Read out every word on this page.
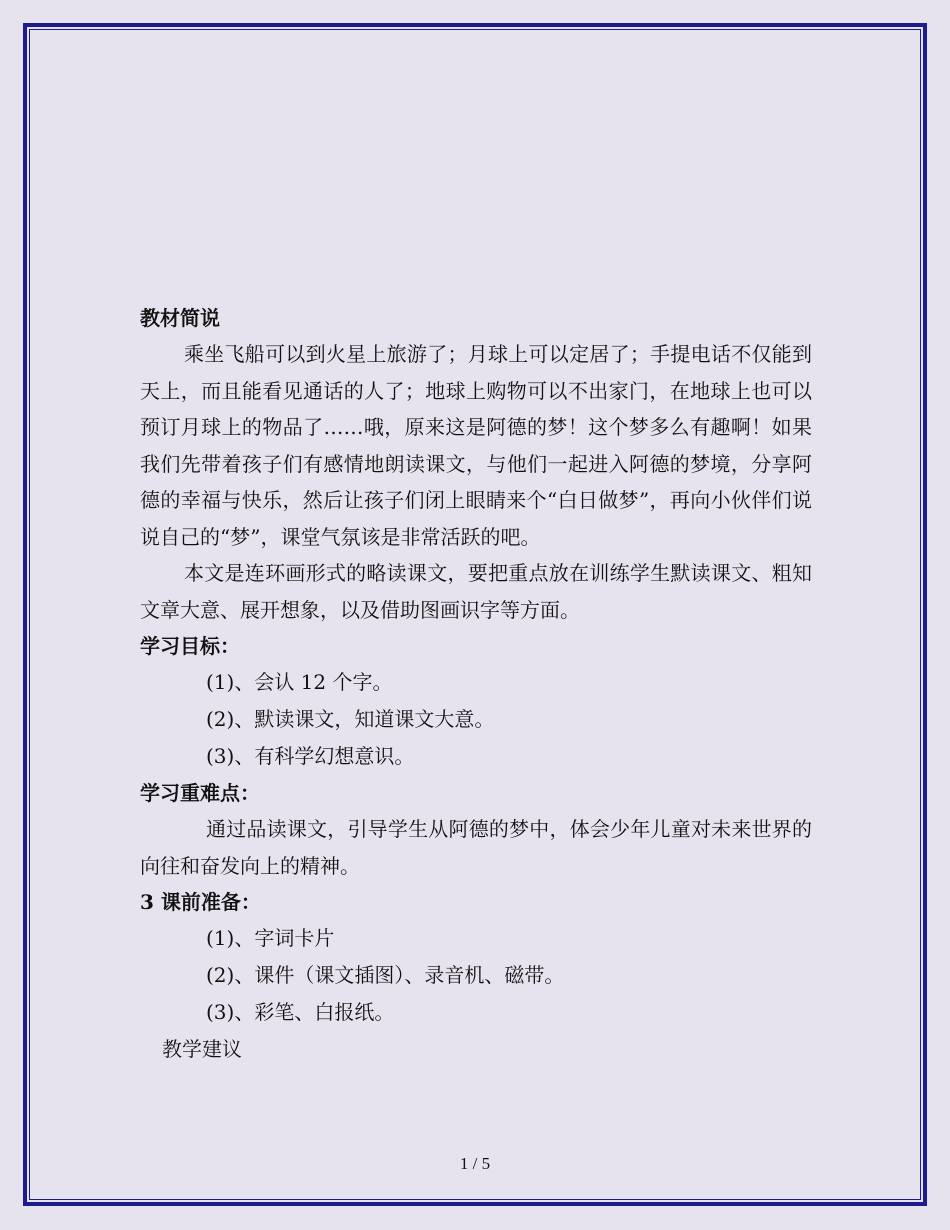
教材简说

乘坐飞船可以到火星上旅游了；月球上可以定居了；手提电话不仅能到天上，而且能看见通话的人了；地球上购物可以不出家门，在地球上也可以预订月球上的物品了……哦，原来这是阿德的梦！这个梦多么有趣啊！如果我们先带着孩子们有感情地朗读课文，与他们一起进入阿德的梦境，分享阿德的幸福与快乐，然后让孩子们闭上眼睛来个“白日做梦”，再向小伙伴们说说自己的“梦”，课堂气氛该是非常活跃的吧。

本文是连环画形式的略读课文，要把重点放在训练学生默读课文、粗知文章大意、展开想象，以及借助图画识字等方面。

学习目标：
(1)、会认 12 个字。
(2)、默读课文，知道课文大意。
(3)、有科学幻想意识。
学习重难点：

通过品读课文，引导学生从阿德的梦中，体会少年儿童对未来世界的向往和奋发向上的精神。

3 课前准备：
(1)、字词卡片
(2)、课件（课文插图）、录音机、磁带。
(3)、彩笔、白报纸。
教学建议
1 / 5
